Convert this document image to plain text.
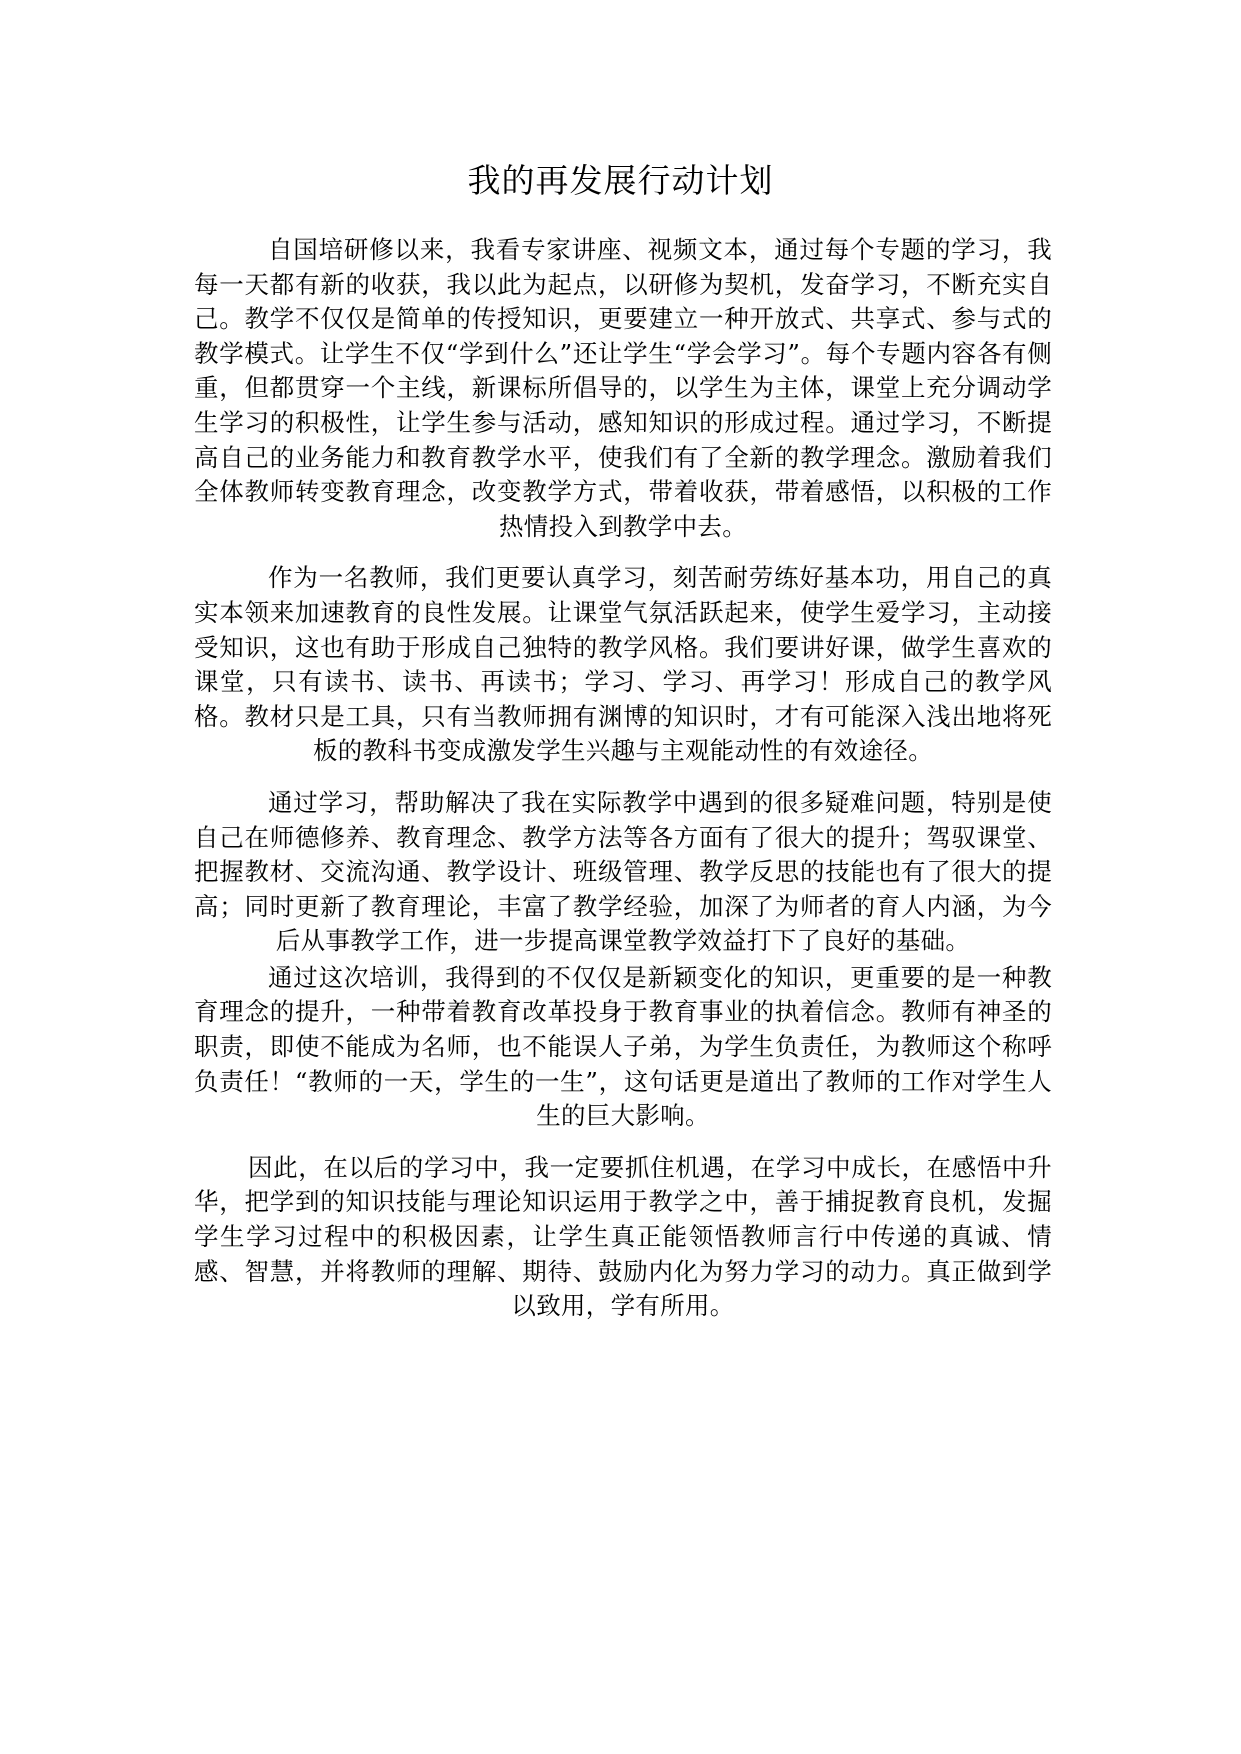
我的再发展行动计划

自国培研修以来，我看专家讲座、视频文本，通过每个专题的学习，我每一天都有新的收获，我以此为起点，以研修为契机，发奋学习，不断充实自己。教学不仅仅是简单的传授知识，更要建立一种开放式、共享式、参与式的教学模式。让学生不仅“学到什么”还让学生“学会学习”。每个专题内容各有侧重，但都贯穿一个主线，新课标所倡导的，以学生为主体，课堂上充分调动学生学习的积极性，让学生参与活动，感知知识的形成过程。通过学习，不断提高自己的业务能力和教育教学水平，使我们有了全新的教学理念。激励着我们全体教师转变教育理念，改变教学方式，带着收获，带着感悟，以积极的工作热情投入到教学中去。

作为一名教师，我们更要认真学习，刻苦耐劳练好基本功，用自己的真实本领来加速教育的良性发展。让课堂气氛活跃起来，使学生爱学习，主动接受知识，这也有助于形成自己独特的教学风格。我们要讲好课，做学生喜欢的课堂，只有读书、读书、再读书；学习、学习、再学习！形成自己的教学风格。教材只是工具，只有当教师拥有渊博的知识时，才有可能深入浅出地将死板的教科书变成激发学生兴趣与主观能动性的有效途径。

通过学习，帮助解决了我在实际教学中遇到的很多疑难问题，特别是使自己在师德修养、教育理念、教学方法等各方面有了很大的提升；驾驭课堂、把握教材、交流沟通、教学设计、班级管理、教学反思的技能也有了很大的提高；同时更新了教育理论，丰富了教学经验，加深了为师者的育人内涵，为今后从事教学工作，进一步提高课堂教学效益打下了良好的基础。

通过这次培训，我得到的不仅仅是新颖变化的知识，更重要的是一种教育理念的提升，一种带着教育改革投身于教育事业的执着信念。教师有神圣的职责，即使不能成为名师，也不能误人子弟，为学生负责任，为教师这个称呼负责任！“教师的一天，学生的一生”，这句话更是道出了教师的工作对学生人生的巨大影响。

因此，在以后的学习中，我一定要抓住机遇，在学习中成长，在感悟中升华，把学到的知识技能与理论知识运用于教学之中，善于捕捉教育良机，发掘学生学习过程中的积极因素，让学生真正能领悟教师言行中传递的真诚、情感、智慧，并将教师的理解、期待、鼓励内化为努力学习的动力。真正做到学以致用，学有所用。
